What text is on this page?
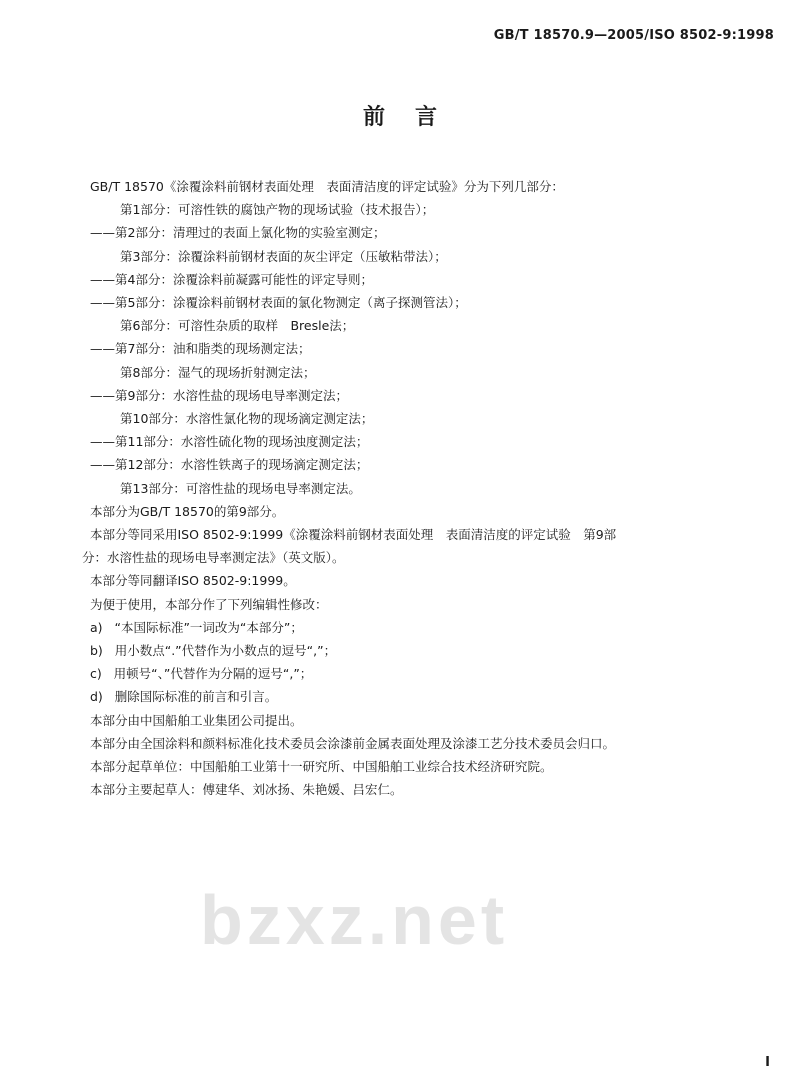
GB/T 18570.9—2005/ISO 8502-9:1998
前言
GB/T 18570《涂覆涂料前钢材表面处理　表面清洁度的评定试验》分为下列几部分：
第1部分：可溶性铁的腐蚀产物的现场试验（技术报告）；
——第2部分：清理过的表面上氯化物的实验室测定；
第3部分：涂覆涂料前钢材表面的灰尘评定（压敏粘带法）；
——第4部分：涂覆涂料前凝露可能性的评定导则；
——第5部分：涂覆涂料前钢材表面的氯化物测定（离子探测管法）；
第6部分：可溶性杂质的取样　Bresle法；
——第7部分：油和脂类的现场测定法；
第8部分：湿气的现场折射测定法；
——第9部分：水溶性盐的现场电导率测定法；
第10部分：水溶性氯化物的现场滴定测定法；
——第11部分：水溶性硫化物的现场浊度测定法；
——第12部分：水溶性铁离子的现场滴定测定法；
第13部分：可溶性盐的现场电导率测定法。
本部分为GB/T 18570的第9部分。
本部分等同采用ISO 8502-9:1999《涂覆涂料前钢材表面处理　表面清洁度的评定试验　第9部
分：水溶性盐的现场电导率测定法》（英文版）。
本部分等同翻译ISO 8502-9:1999。
为便于使用，本部分作了下列编辑性修改：
a) “本国际标准”一词改为“本部分”；
b) 用小数点“.”代替作为小数点的逗号“,”；
c) 用顿号“、”代替作为分隔的逗号“,”；
d) 删除国际标准的前言和引言。
本部分由中国船舶工业集团公司提出。
本部分由全国涂料和颜料标准化技术委员会涂漆前金属表面处理及涂漆工艺分技术委员会归口。
本部分起草单位：中国船舶工业第十一研究所、中国船舶工业综合技术经济研究院。
本部分主要起草人：傅建华、刘冰扬、朱艳媛、吕宏仁。
bzxz.net
I
